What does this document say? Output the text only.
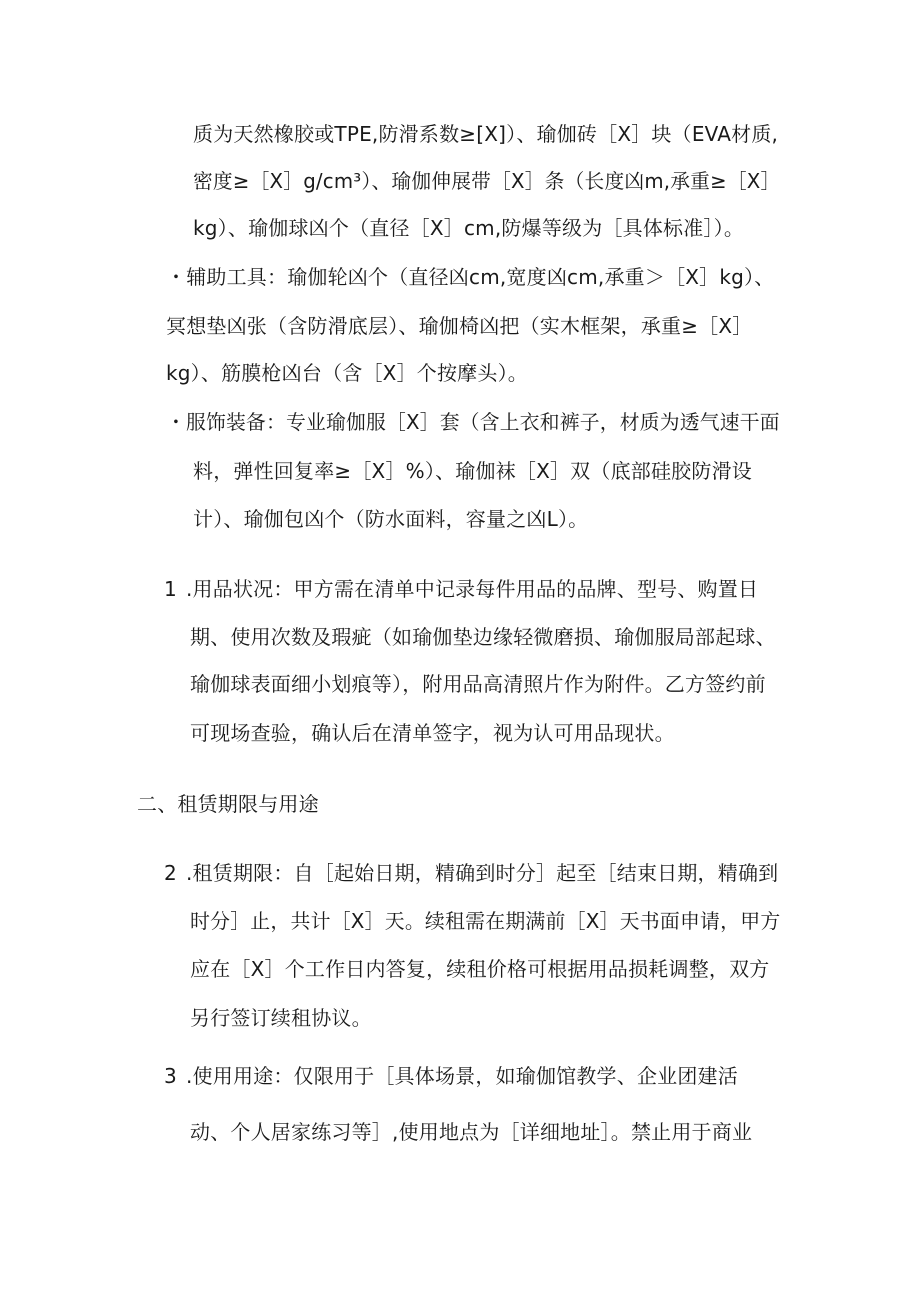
质为天然橡胶或TPE,防滑系数≥[X]）、瑜伽砖［X］块（EVA材质,
密度≥［X］g/cm³）、瑜伽伸展带［X］条（长度凶m,承重≥［X］
kg）、瑜伽球凶个（直径［X］cm,防爆等级为［具体标准］）。
・辅助工具：瑜伽轮凶个（直径凶cm,宽度凶cm,承重＞［X］kg）、
冥想垫凶张（含防滑底层）、瑜伽椅凶把（实木框架，承重≥［X］
kg）、筋膜枪凶台（含［X］个按摩头）。
・服饰装备：专业瑜伽服［X］套（含上衣和裤子，材质为透气速干面
料，弹性回复率≥［X］%）、瑜伽袜［X］双（底部硅胶防滑设
计）、瑜伽包凶个（防水面料，容量之凶L）。
1 .用品状况：甲方需在清单中记录每件用品的品牌、型号、购置日
期、使用次数及瑕疵（如瑜伽垫边缘轻微磨损、瑜伽服局部起球、
瑜伽球表面细小划痕等），附用品高清照片作为附件。乙方签约前
可现场查验，确认后在清单签字，视为认可用品现状。
二、租赁期限与用途
2 .租赁期限：自［起始日期，精确到时分］起至［结束日期，精确到
时分］止，共计［X］天。续租需在期满前［X］天书面申请，甲方
应在［X］个工作日内答复，续租价格可根据用品损耗调整，双方
另行签订续租协议。
3 .使用用途：仅限用于［具体场景，如瑜伽馆教学、企业团建活
动、个人居家练习等］,使用地点为［详细地址］。禁止用于商业
